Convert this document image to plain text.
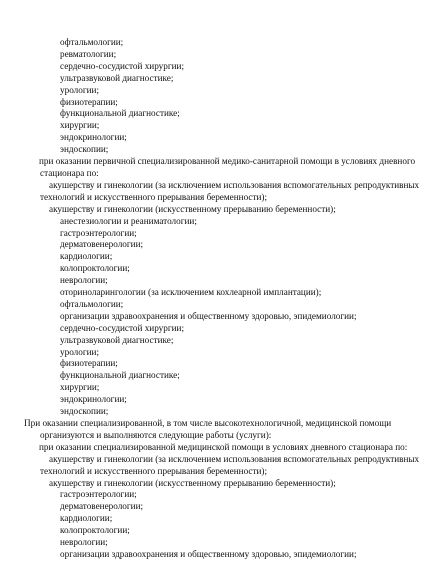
офтальмологии;
ревматологии;
сердечно-сосудистой хирургии;
ультразвуковой диагностике;
урологии;
физиотерапии;
функциональной диагностике;
хирургии;
эндокринологии;
эндоскопии;
при оказании первичной специализированной медико-санитарной помощи в условиях дневного
стационара по:
акушерству и гинекологии (за исключением использования вспомогательных репродуктивных
технологий и искусственного прерывания беременности);
акушерству и гинекологии (искусственному прерыванию беременности);
анестезиологии и реаниматологии;
гастроэнтерологии;
дерматовенерологии;
кардиологии;
колопроктологии;
неврологии;
оториноларингологии (за исключением кохлеарной имплантации);
офтальмологии;
организации здравоохранения и общественному здоровью, эпидемиологии;
сердечно-сосудистой хирургии;
ультразвуковой диагностике;
урологии;
физиотерапии;
функциональной диагностике;
хирургии;
эндокринологии;
эндоскопии;
При оказании специализированной, в том числе высокотехнологичной, медицинской помощи
организуются и выполняются следующие работы (услуги):
при оказании специализированной медицинской помощи в условиях дневного стационара по:
акушерству и гинекологии (за исключением использования вспомогательных репродуктивных
технологий и искусственного прерывания беременности);
акушерству и гинекологии (искусственному прерыванию беременности);
гастроэнтерологии;
дерматовенерологии;
кардиологии;
колопроктологии;
неврологии;
организации здравоохранения и общественному здоровью, эпидемиологии;
